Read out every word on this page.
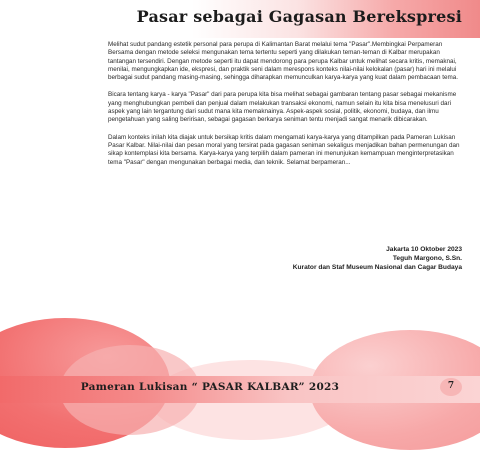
Pasar sebagai Gagasan Berekspresi

Melihat sudut pandang estetik personal para perupa di Kalimantan Barat melalui tema "Pasar".Membingkai Perpameran Bersama dengan metode seleksi mengunakan tema tertentu seperti yang dilakukan teman-teman di Kalbar merupakan tantangan tersendiri. Dengan metode seperti itu dapat mendorong para perupa Kalbar untuk melihat secara kritis, memaknai, menilai, mengungkapkan ide, ekspresi, dan praktik seni dalam merespons konteks nilai-nilai kelokalan (pasar) hari ini melalui berbagai sudut pandang masing-masing, sehingga diharapkan memunculkan karya-karya yang kuat dalam pembacaan tema.

Bicara tentang karya - karya "Pasar" dari para perupa kita bisa melihat sebagai gambaran tentang pasar sebagai mekanisme yang menghubungkan pembeli dan penjual dalam melakukan transaksi ekonomi, namun selain itu kita bisa menelusuri dari aspek yang lain tergantung dari sudut mana kita memaknainya. Aspek-aspek sosial, politik, ekonomi, budaya, dan ilmu pengetahuan yang saling beririsan, sebagai gagasan berkarya seniman tentu menjadi sangat menarik dibicarakan.

Dalam konteks inilah kita diajak untuk bersikap kritis dalam mengamati karya-karya yang ditampilkan pada Pameran Lukisan Pasar Kalbar. Nilai-nilai dan pesan moral yang tersirat pada gagasan seniman sekaligus menjadikan bahan permenungan dan sikap kontemplasi kita bersama. Karya-karya yang terpilih dalam pameran ini menunjukan kemampuan menginterpretasikan tema "Pasar" dengan mengunakan berbagai media, dan teknik. Selamat berpameran...

Jakarta 10 Oktober 2023
Teguh Margono, S.Sn.
Kurator dan Staf Museum Nasional dan Cagar Budaya
Pameran Lukisan “ PASAR KALBAR” 2023	7
